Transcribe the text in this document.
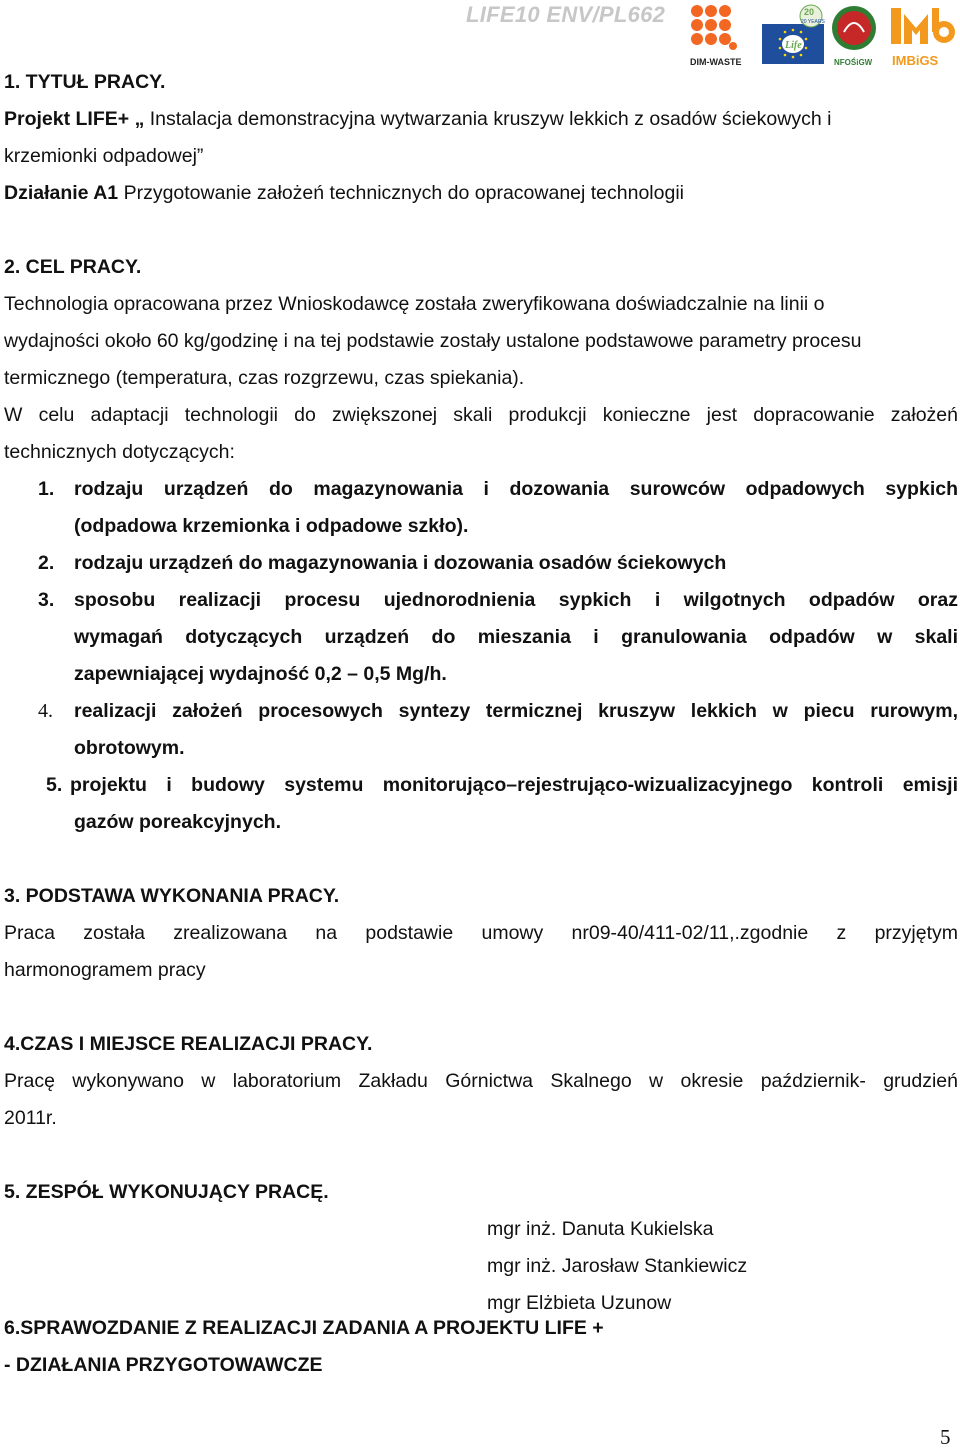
LIFE10 ENV/PL662
DIM-WASTE
Life
20
20 YEARS
NFOŚiGW IMBiGS
1. TYTUŁ PRACY.
Projekt LIFE+ „ Instalacja demonstracyjna wytwarzania kruszyw lekkich z osadów ściekowych i
krzemionki odpadowej”
Działanie A1 Przygotowanie założeń technicznych do opracowanej technologii
2. CEL PRACY.
Technologia opracowana przez Wnioskodawcę została zweryfikowana doświadczalnie na linii o
wydajności około 60 kg/godzinę i na tej podstawie zostały ustalone podstawowe parametry procesu
termicznego (temperatura, czas rozgrzewu, czas spiekania).
W celu adaptacji technologii do zwiększonej skali produkcji konieczne jest dopracowanie założeń
technicznych dotyczących:
1. rodzaju urządzeń do magazynowania i dozowania surowców odpadowych sypkich
(odpadowa krzemionka i odpadowe szkło).
2. rodzaju urządzeń do magazynowania i dozowania osadów ściekowych
3. sposobu realizacji procesu ujednorodnienia sypkich i wilgotnych odpadów oraz
wymagań dotyczących urządzeń do mieszania i granulowania odpadów w skali
zapewniającej wydajność 0,2 – 0,5 Mg/h.
4. realizacji założeń procesowych syntezy termicznej kruszyw lekkich w piecu rurowym,
obrotowym.
5. projektu i budowy systemu monitorująco–rejestrująco-wizualizacyjnego kontroli emisji
gazów poreakcyjnych.
3. PODSTAWA WYKONANIA PRACY.
Praca została zrealizowana na podstawie umowy nr09-40/411-02/11,.zgodnie z przyjętym
harmonogramem pracy
4.CZAS I MIEJSCE REALIZACJI PRACY.
Pracę wykonywano w laboratorium Zakładu Górnictwa Skalnego w okresie październik- grudzień
2011r.
5. ZESPÓŁ WYKONUJĄCY PRACĘ.
mgr inż. Danuta Kukielska
mgr inż. Jarosław Stankiewicz
mgr Elżbieta Uzunow
6.SPRAWOZDANIE Z REALIZACJI ZADANIA A PROJEKTU LIFE +
- DZIAŁANIA PRZYGOTOWAWCZE
5
